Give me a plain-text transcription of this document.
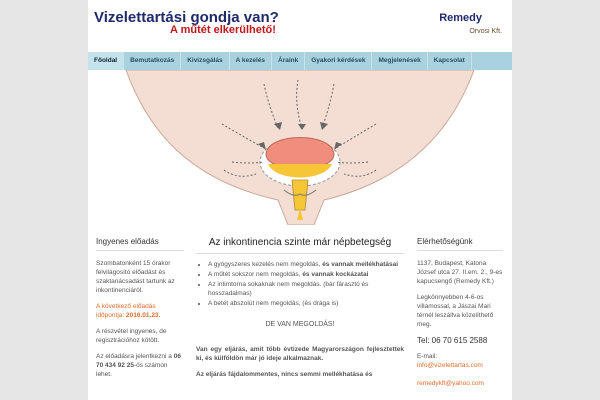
Vizelettartási gondja van?
A műtét elkerülhető!
Remedy
Orvosi Kft.
Főoldal	Bemutatkozás	Kivizsgálás	A kezelés	Áraink	Gyakori kérdések	Megjelenések	Kapcsolat
Ingyenes előadás

Szombatonként 15 órakor felvilágosító előadást és szaktanácsadást tartunk az inkontinenciáról.

A következő előadás időpontja: 2016.01.23.

A részvétel ingyenes, de regisztrációhoz kötött.

Az előadásra jelentkezni a 06 70 434 92 25-ös számon lehet.

Az inkontinencia szinte már népbetegség
• A gyógyszeres kezelés nem megoldás, és vannak mellékhatásai
• A műtét sokszor nem megoldás, és vannak kockázatai
• Az intimtorna sokaknak nem megoldás. (bár fárasztó és hosszadalmas)
• A betét abszolút nem megoldás, (és drága is)
DE VAN MEGOLDÁS!

Van egy eljárás, amit több évtizede Magyarországon fejlesztettek ki, és külföldön már jó ideje alkalmaznak.

Az eljárás fájdalommentes, nincs semmi mellékhatása és

Elérhetőségünk

1137, Budapest, Katona József utca 27. II.em. 2., 9-es kapucsengő (Remedy Kft.)

Legkönnyebben 4-6-os villamossal, a Jászai Mari térnél leszállva közelíthető meg.

Tel: 06 70 615 2588

E-mail:
info@vizelettartas.com

remedykft@yahoo.com
